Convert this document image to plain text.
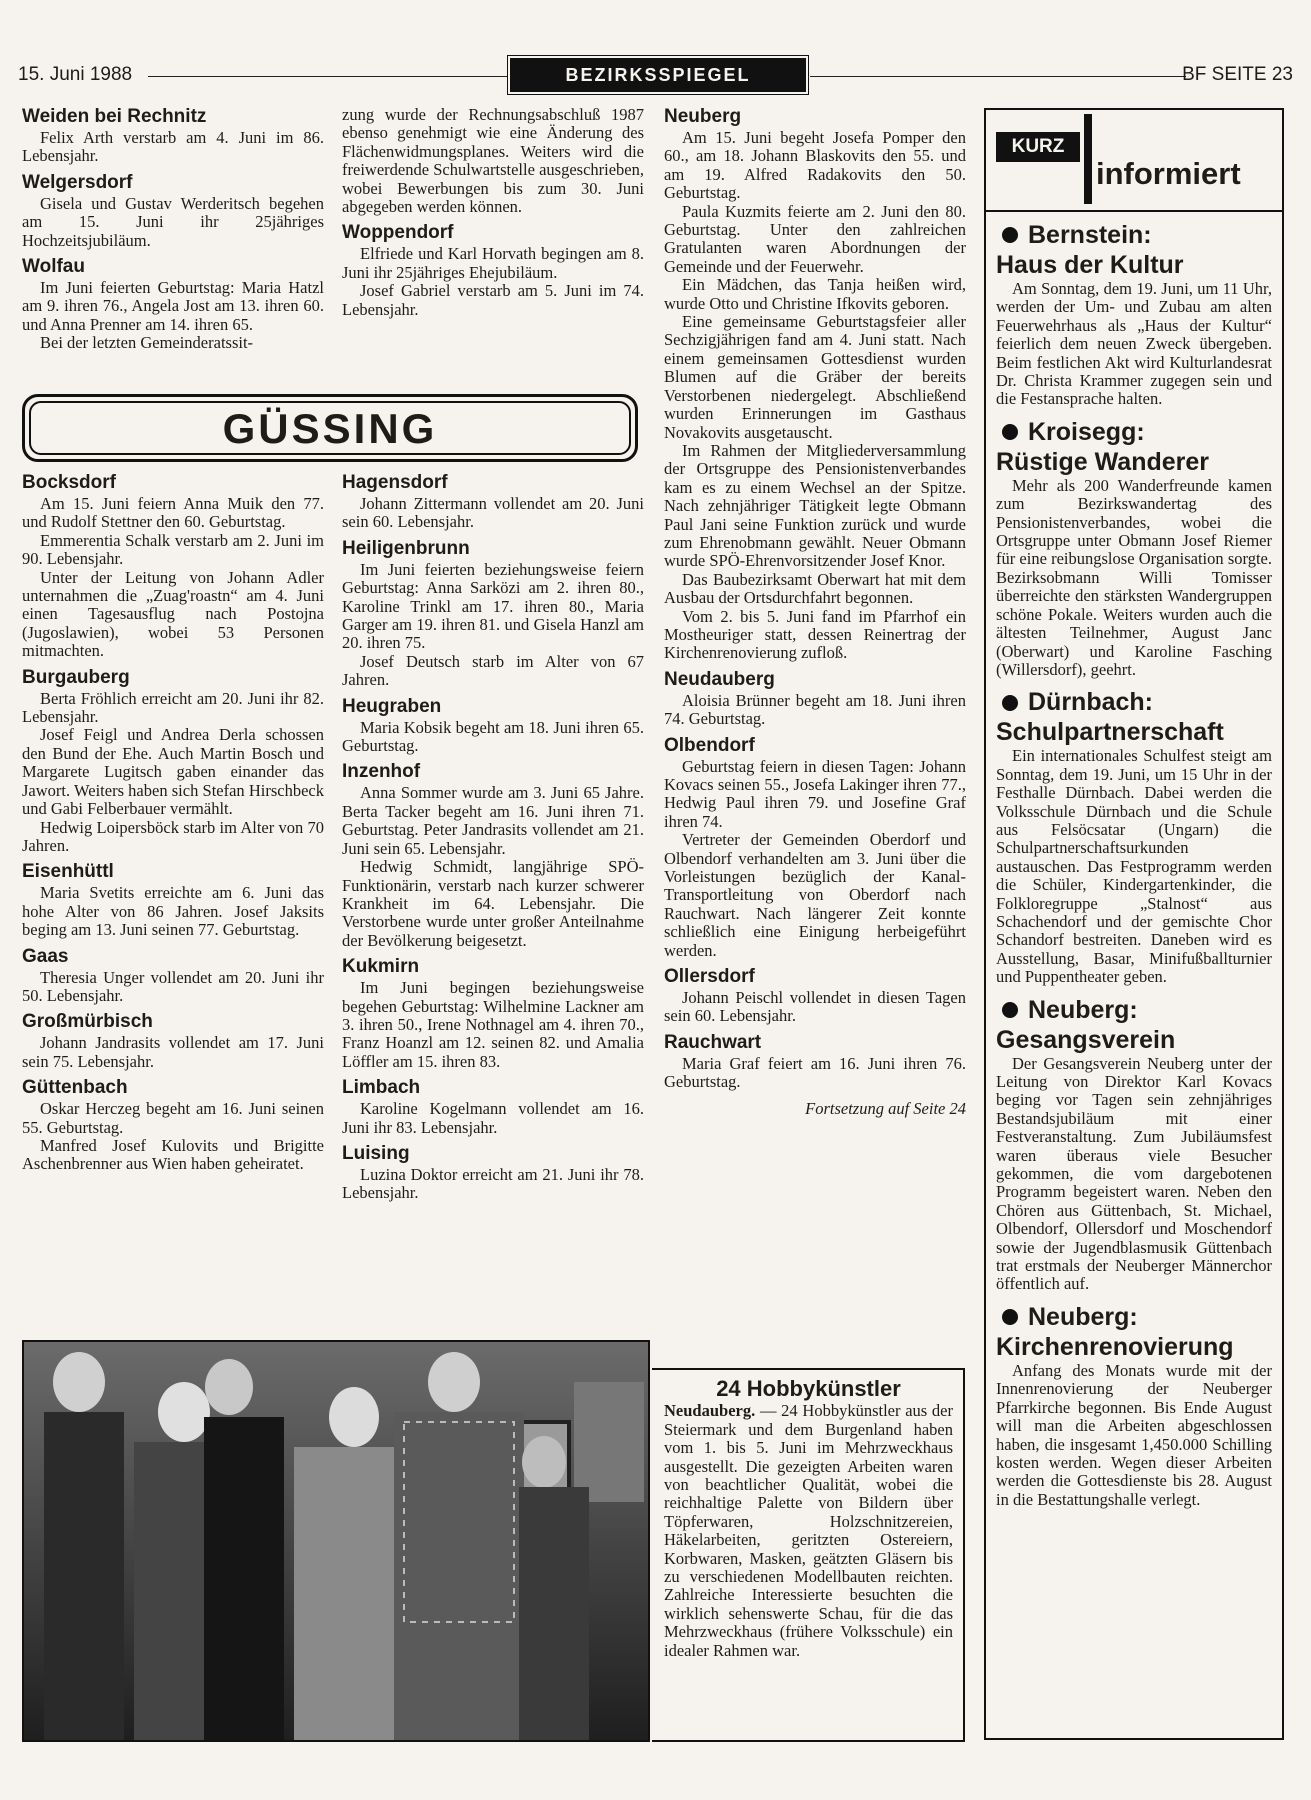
15. Juni 1988	BEZIRKSSPIEGEL	BF SEITE 23
Weiden bei Rechnitz

Felix Arth verstarb am 4. Juni im 86. Lebensjahr.

Welgersdorf

Gisela und Gustav Werderitsch begehen am 15. Juni ihr 25jähriges Hochzeitsjubiläum.

Wolfau

Im Juni feierten Geburtstag: Maria Hatzl am 9. ihren 76., Angela Jost am 13. ihren 60. und Anna Prenner am 14. ihren 65.

Bei der letzten Gemeinderatssit-

zung wurde der Rechnungsabschluß 1987 ebenso genehmigt wie eine Änderung des Flächenwidmungsplanes. Weiters wird die freiwerdende Schulwartstelle ausgeschrieben, wobei Bewerbungen bis zum 30. Juni abgegeben werden können.

Woppendorf

Elfriede und Karl Horvath begingen am 8. Juni ihr 25jähriges Ehejubiläum.

Josef Gabriel verstarb am 5. Juni im 74. Lebensjahr.

GÜSSING
Bocksdorf

Am 15. Juni feiern Anna Muik den 77. und Rudolf Stettner den 60. Geburtstag.

Emmerentia Schalk verstarb am 2. Juni im 90. Lebensjahr.

Unter der Leitung von Johann Adler unternahmen die „Zuag'roastn“ am 4. Juni einen Tagesausflug nach Postojna (Jugoslawien), wobei 53 Personen mitmachten.

Burgauberg

Berta Fröhlich erreicht am 20. Juni ihr 82. Lebensjahr.

Josef Feigl und Andrea Derla schossen den Bund der Ehe. Auch Martin Bosch und Margarete Lugitsch gaben einander das Jawort. Weiters haben sich Stefan Hirschbeck und Gabi Felberbauer vermählt.

Hedwig Loipersböck starb im Alter von 70 Jahren.

Eisenhüttl

Maria Svetits erreichte am 6. Juni das hohe Alter von 86 Jahren. Josef Jaksits beging am 13. Juni seinen 77. Geburtstag.

Gaas

Theresia Unger vollendet am 20. Juni ihr 50. Lebensjahr.

Großmürbisch

Johann Jandrasits vollendet am 17. Juni sein 75. Lebensjahr.

Güttenbach

Oskar Herczeg begeht am 16. Juni seinen 55. Geburtstag.

Manfred Josef Kulovits und Brigitte Aschenbrenner aus Wien haben geheiratet.

Hagensdorf

Johann Zittermann vollendet am 20. Juni sein 60. Lebensjahr.

Heiligenbrunn

Im Juni feierten beziehungsweise feiern Geburtstag: Anna Sarközi am 2. ihren 80., Karoline Trinkl am 17. ihren 80., Maria Garger am 19. ihren 81. und Gisela Hanzl am 20. ihren 75.

Josef Deutsch starb im Alter von 67 Jahren.

Heugraben

Maria Kobsik begeht am 18. Juni ihren 65. Geburtstag.

Inzenhof

Anna Sommer wurde am 3. Juni 65 Jahre. Berta Tacker begeht am 16. Juni ihren 71. Geburtstag. Peter Jandrasits vollendet am 21. Juni sein 65. Lebensjahr.

Hedwig Schmidt, langjährige SPÖ-Funktionärin, verstarb nach kurzer schwerer Krankheit im 64. Lebensjahr. Die Verstorbene wurde unter großer Anteilnahme der Bevölkerung beigesetzt.

Kukmirn

Im Juni begingen beziehungsweise begehen Geburtstag: Wilhelmine Lackner am 3. ihren 50., Irene Nothnagel am 4. ihren 70., Franz Hoanzl am 12. seinen 82. und Amalia Löffler am 15. ihren 83.

Limbach

Karoline Kogelmann vollendet am 16. Juni ihr 83. Lebensjahr.

Luising

Luzina Doktor erreicht am 21. Juni ihr 78. Lebensjahr.

Neuberg

Am 15. Juni begeht Josefa Pomper den 60., am 18. Johann Blaskovits den 55. und am 19. Alfred Radakovits den 50. Geburtstag.

Paula Kuzmits feierte am 2. Juni den 80. Geburtstag. Unter den zahlreichen Gratulanten waren Abordnungen der Gemeinde und der Feuerwehr.

Ein Mädchen, das Tanja heißen wird, wurde Otto und Christine Ifkovits geboren.

Eine gemeinsame Geburtstagsfeier aller Sechzigjährigen fand am 4. Juni statt. Nach einem gemeinsamen Gottesdienst wurden Blumen auf die Gräber der bereits Verstorbenen niedergelegt. Abschließend wurden Erinnerungen im Gasthaus Novakovits ausgetauscht.

Im Rahmen der Mitgliederversammlung der Ortsgruppe des Pensionistenverbandes kam es zu einem Wechsel an der Spitze. Nach zehnjähriger Tätigkeit legte Obmann Paul Jani seine Funktion zurück und wurde zum Ehrenobmann gewählt. Neuer Obmann wurde SPÖ-Ehrenvorsitzender Josef Knor.

Das Baubezirksamt Oberwart hat mit dem Ausbau der Ortsdurchfahrt begonnen.

Vom 2. bis 5. Juni fand im Pfarrhof ein Mostheuriger statt, dessen Reinertrag der Kirchenrenovierung zufloß.

Neudauberg

Aloisia Brünner begeht am 18. Juni ihren 74. Geburtstag.

Olbendorf

Geburtstag feiern in diesen Tagen: Johann Kovacs seinen 55., Josefa Lakinger ihren 77., Hedwig Paul ihren 79. und Josefine Graf ihren 74.

Vertreter der Gemeinden Oberdorf und Olbendorf verhandelten am 3. Juni über die Vorleistungen bezüglich der Kanal-Transportleitung von Oberdorf nach Rauchwart. Nach längerer Zeit konnte schließlich eine Einigung herbeigeführt werden.

Ollersdorf

Johann Peischl vollendet in diesen Tagen sein 60. Lebensjahr.

Rauchwart

Maria Graf feiert am 16. Juni ihren 76. Geburtstag.

Fortsetzung auf Seite 24

KURZ
informiert
Bernstein:
Haus der Kultur

Am Sonntag, dem 19. Juni, um 11 Uhr, werden der Um- und Zubau am alten Feuerwehrhaus als „Haus der Kultur“ feierlich dem neuen Zweck übergeben. Beim festlichen Akt wird Kulturlandesrat Dr. Christa Krammer zugegen sein und die Festansprache halten.

Kroisegg:
Rüstige Wanderer

Mehr als 200 Wanderfreunde kamen zum Bezirkswandertag des Pensionistenverbandes, wobei die Ortsgruppe unter Obmann Josef Riemer für eine reibungslose Organisation sorgte. Bezirksobmann Willi Tomisser überreichte den stärksten Wandergruppen schöne Pokale. Weiters wurden auch die ältesten Teilnehmer, August Janc (Oberwart) und Karoline Fasching (Willersdorf), geehrt.

Dürnbach:
Schulpartnerschaft

Ein internationales Schulfest steigt am Sonntag, dem 19. Juni, um 15 Uhr in der Festhalle Dürnbach. Dabei werden die Volksschule Dürnbach und die Schule aus Felsöcsatar (Ungarn) die Schulpartnerschaftsurkunden austauschen. Das Festprogramm werden die Schüler, Kindergartenkinder, die Folkloregruppe „Stalnost“ aus Schachendorf und der gemischte Chor Schandorf bestreiten. Daneben wird es Ausstellung, Basar, Minifußballturnier und Puppentheater geben.

Neuberg:
Gesangsverein

Der Gesangsverein Neuberg unter der Leitung von Direktor Karl Kovacs beging vor Tagen sein zehnjähriges Bestandsjubiläum mit einer Festveranstaltung. Zum Jubiläumsfest waren überaus viele Besucher gekommen, die vom dargebotenen Programm begeistert waren. Neben den Chören aus Güttenbach, St. Michael, Olbendorf, Ollersdorf und Moschendorf sowie der Jugendblasmusik Güttenbach trat erstmals der Neuberger Männerchor öffentlich auf.

Neuberg:
Kirchenrenovierung

Anfang des Monats wurde mit der Innenrenovierung der Neuberger Pfarrkirche begonnen. Bis Ende August will man die Arbeiten abgeschlossen haben, die insgesamt 1,450.000 Schilling kosten werden. Wegen dieser Arbeiten werden die Gottesdienste bis 28. August in die Bestattungshalle verlegt.

24 Hobbykünstler

Neudauberg. — 24 Hobbykünstler aus der Steiermark und dem Burgenland haben vom 1. bis 5. Juni im Mehrzweckhaus ausgestellt. Die gezeigten Arbeiten waren von beachtlicher Qualität, wobei die reichhaltige Palette von Bildern über Töpferwaren, Holzschnitzereien, Häkelarbeiten, geritzten Ostereiern, Korbwaren, Masken, geätzten Gläsern bis zu verschiedenen Modellbauten reichten. Zahlreiche Interessierte besuchten die wirklich sehenswerte Schau, für die das Mehrzweckhaus (frühere Volksschule) ein idealer Rahmen war.
